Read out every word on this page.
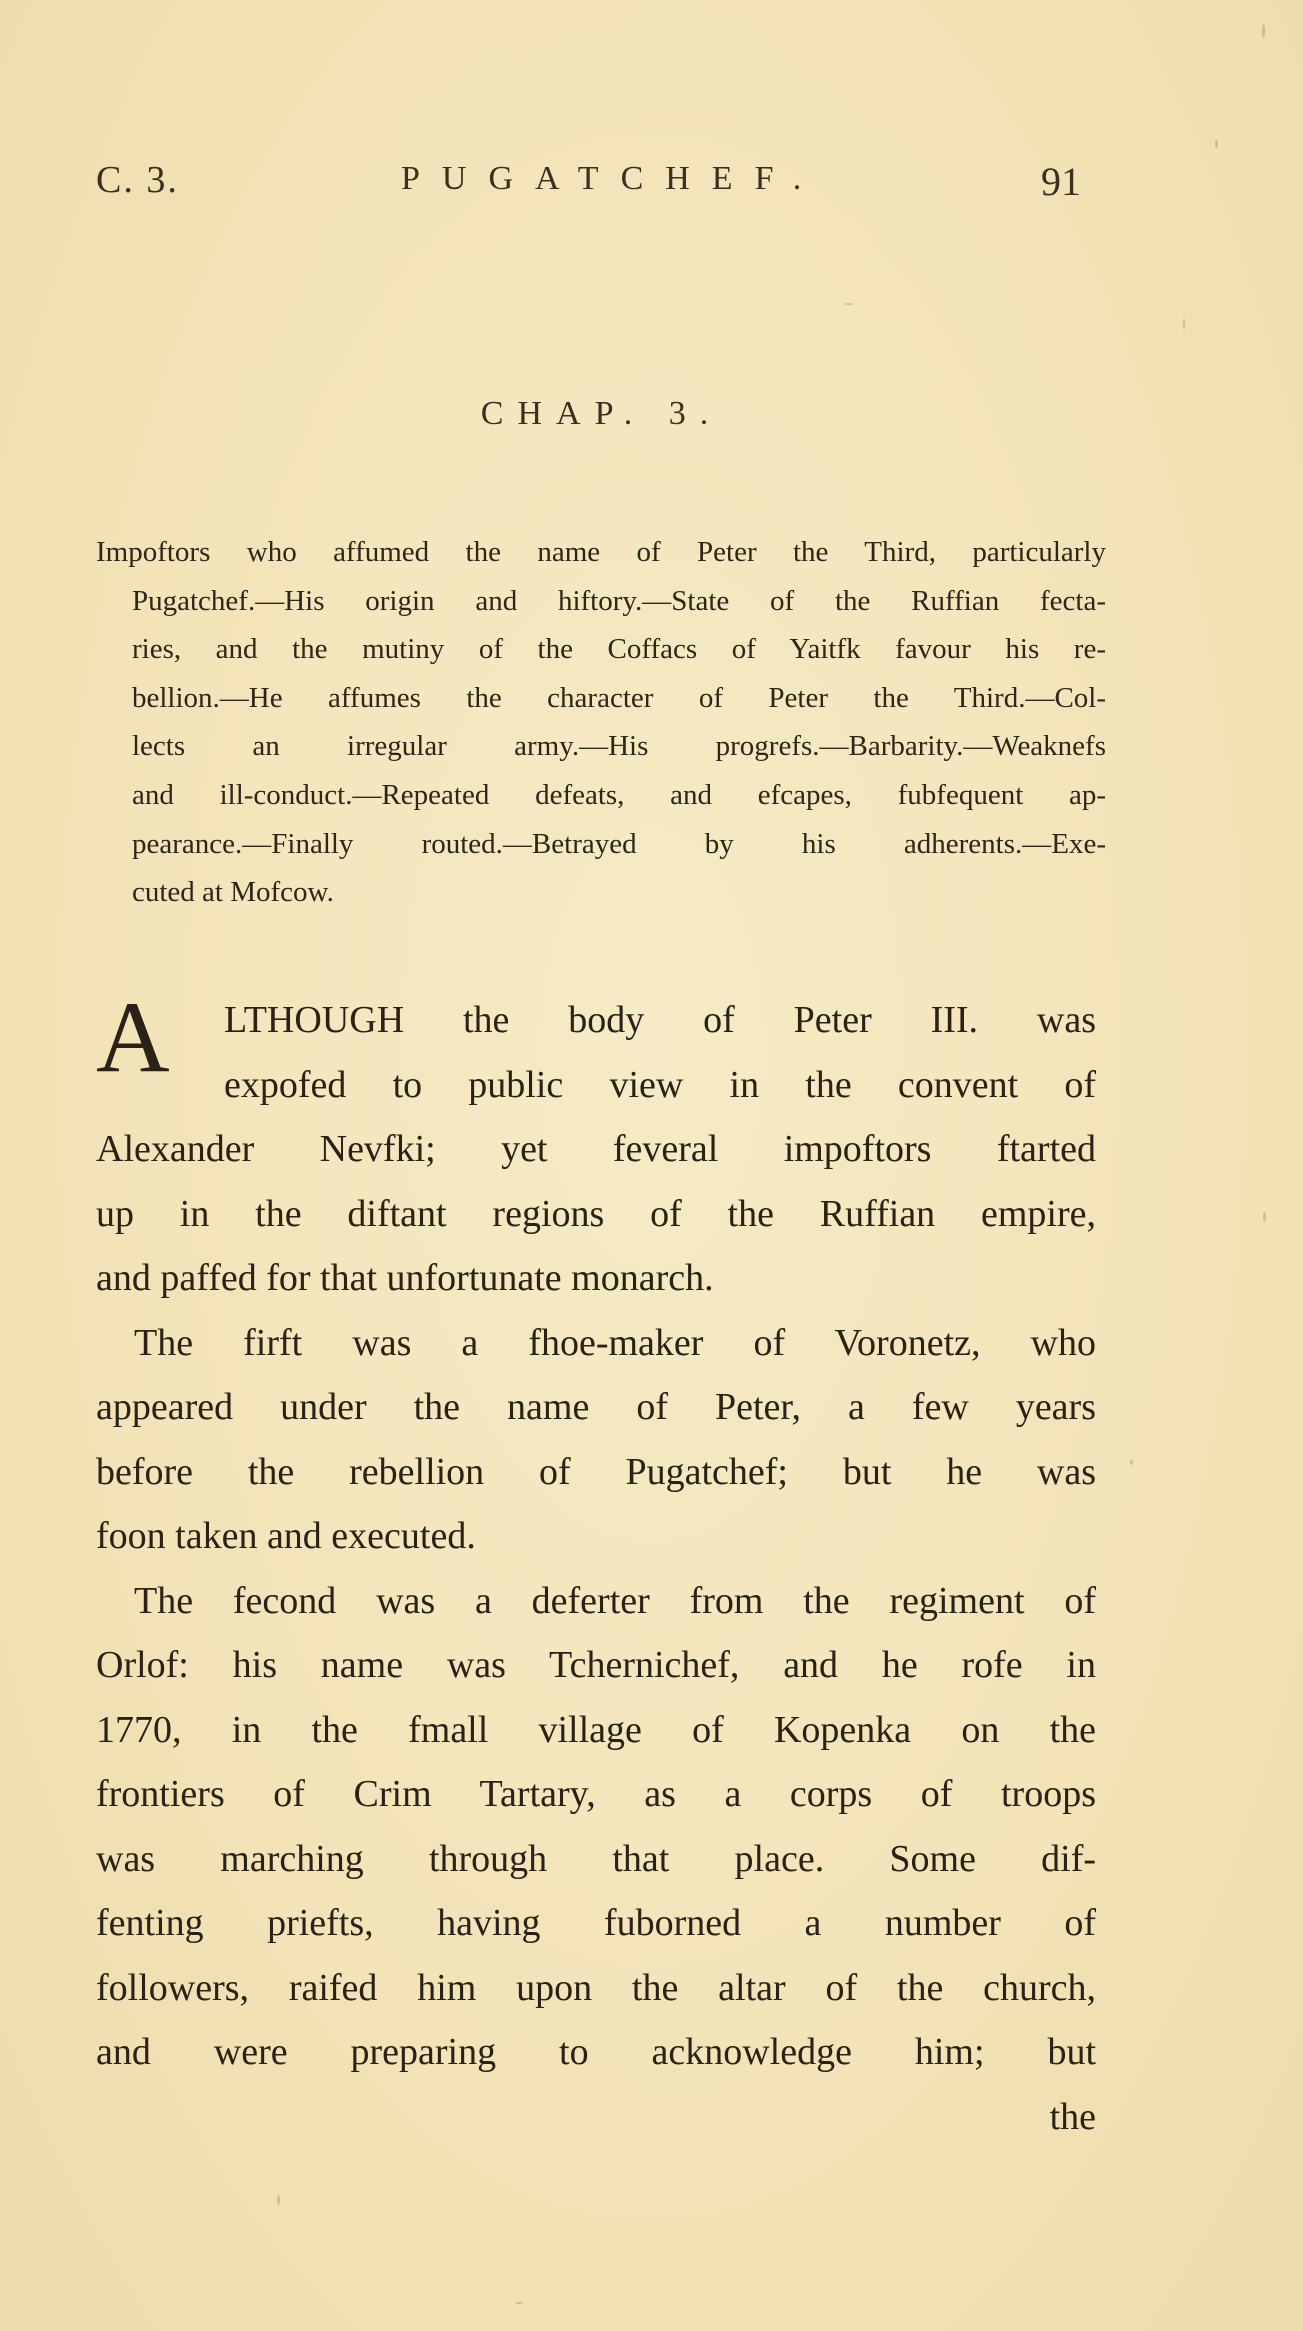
C. 3.	PUGATCHEF.	91
CHAP. 3.
Impoftors who affumed the name of Peter the Third, particularly
Pugatchef.—His origin and hiftory.—State of the Ruffian fecta-
ries, and the mutiny of the Coffacs of Yaitfk favour his re-
bellion.—He affumes the character of Peter the Third.—Col-
lects an irregular army.—His progrefs.—Barbarity.—Weaknefs
and ill-conduct.—Repeated defeats, and efcapes, fubfequent ap-
pearance.—Finally routed.—Betrayed by his adherents.—Exe-
cuted at Mofcow.
A	LTHOUGH the body of Peter III. was
expofed to public view in the convent of
Alexander Nevfki; yet feveral impoftors ftarted
up in the diftant regions of the Ruffian empire,
and paffed for that unfortunate monarch.
The firft was a fhoe-maker of Voronetz, who
appeared under the name of Peter, a few years
before the rebellion of Pugatchef; but he was
foon taken and executed.
The fecond was a deferter from the regiment of
Orlof: his name was Tchernichef, and he rofe in
1770, in the fmall village of Kopenka on the
frontiers of Crim Tartary, as a corps of troops
was marching through that place. Some dif-
fenting priefts, having fuborned a number of
followers, raifed him upon the altar of the church,
and were preparing to acknowledge him; but
the
